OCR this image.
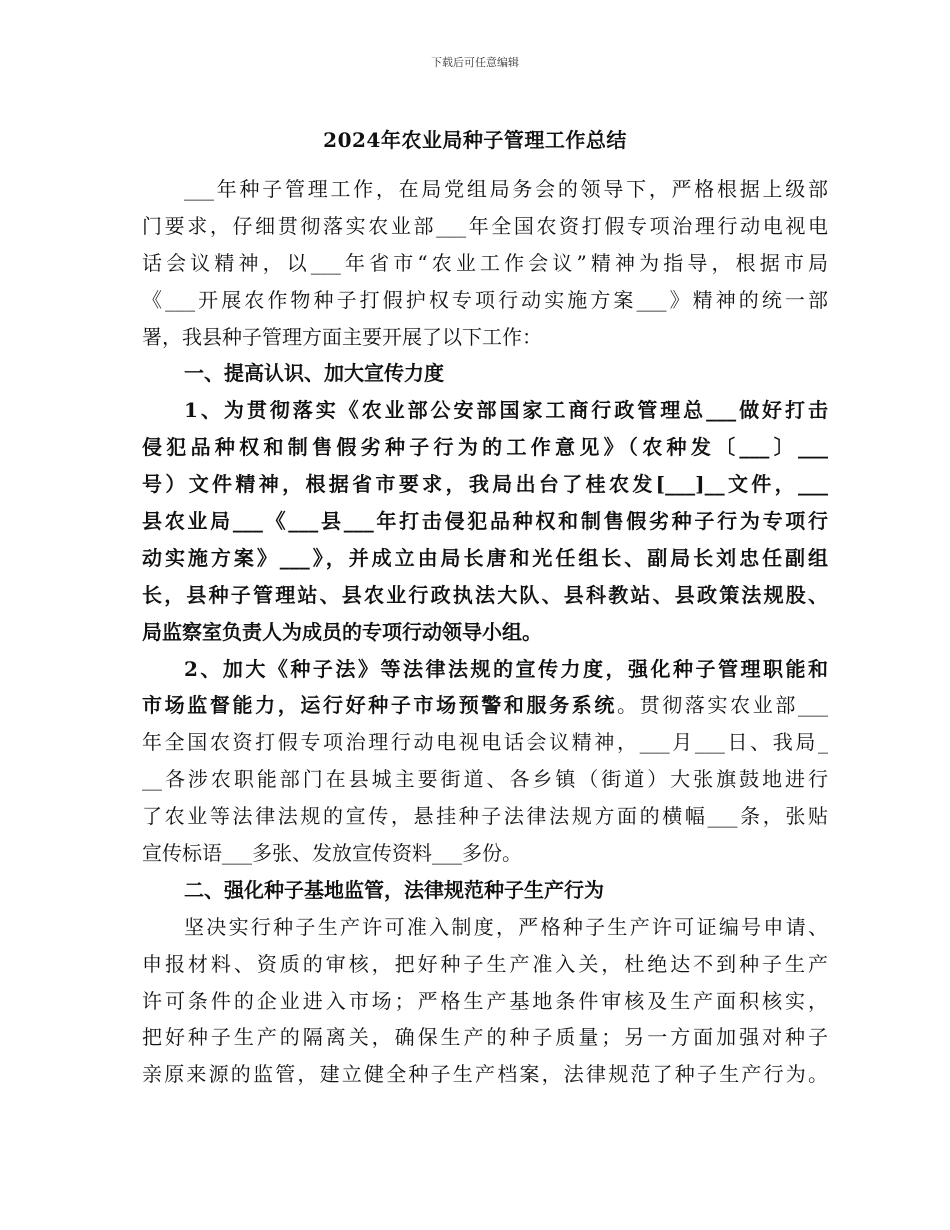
下载后可任意编辑
2024年农业局种子管理工作总结
___年种子管理工作，在局党组局务会的领导下，严格根据上级部
门要求，仔细贯彻落实农业部___年全国农资打假专项治理行动电视电
话会议精神，以___年省市“农业工作会议”精神为指导，根据市局
《___开展农作物种子打假护权专项行动实施方案___》精神的统一部
署，我县种子管理方面主要开展了以下工作：
一、提高认识、加大宣传力度
1、为贯彻落实《农业部公安部国家工商行政管理总___做好打击
侵犯品种权和制售假劣种子行为的工作意见》（农种发〔___〕___
号）文件精神，根据省市要求，我局出台了桂农发[___]__文件，___
县农业局___《___县___年打击侵犯品种权和制售假劣种子行为专项行
动实施方案》___》，并成立由局长唐和光任组长、副局长刘忠任副组
长，县种子管理站、县农业行政执法大队、县科教站、县政策法规股、
局监察室负责人为成员的专项行动领导小组。
2、加大《种子法》等法律法规的宣传力度，强化种子管理职能和
市场监督能力，运行好种子市场预警和服务系统。贯彻落实农业部___
年全国农资打假专项治理行动电视电话会议精神，___月___日、我局_
__各涉农职能部门在县城主要街道、各乡镇（街道）大张旗鼓地进行
了农业等法律法规的宣传，悬挂种子法律法规方面的横幅___条，张贴
宣传标语___多张、发放宣传资料___多份。
二、强化种子基地监管，法律规范种子生产行为
坚决实行种子生产许可准入制度，严格种子生产许可证编号申请、
申报材料、资质的审核，把好种子生产准入关，杜绝达不到种子生产
许可条件的企业进入市场；严格生产基地条件审核及生产面积核实，
把好种子生产的隔离关，确保生产的种子质量；另一方面加强对种子
亲原来源的监管，建立健全种子生产档案，法律规范了种子生产行为。
